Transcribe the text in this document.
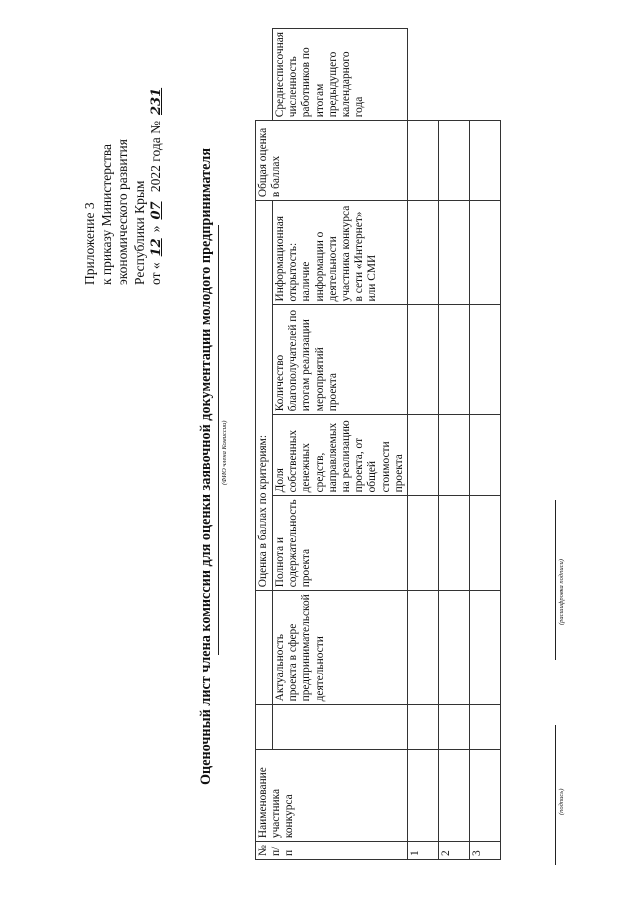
Приложение 3 к приказу Министерства экономического развития Республики Крым от «12»07 2022 года №231
Оценочный лист члена комиссии для оценки заявочной документации молодого предпринимателя (ФИО члена Комиссии)
№ п/ п	Наименование участника конкурса			Оценка в баллах по критериям:				Общая оценка в баллах	
			Актуальность проекта в сфере предпринимательской деятельности	Полнота и содержательность проекта	Доля собственных денежных средств, направляемых на реализацию проекта, от общей стоимости проекта	Количество благополучателей по итогам реализации мероприятий проекта	Информационная открытость: наличие информации о деятельности участника конкурса в сети «Интернет» или СМИ		Среднесписочная численность работников по итогам предыдущего календарного года
1									
2									
3									
(подпись)
(расшифровка подписи)
